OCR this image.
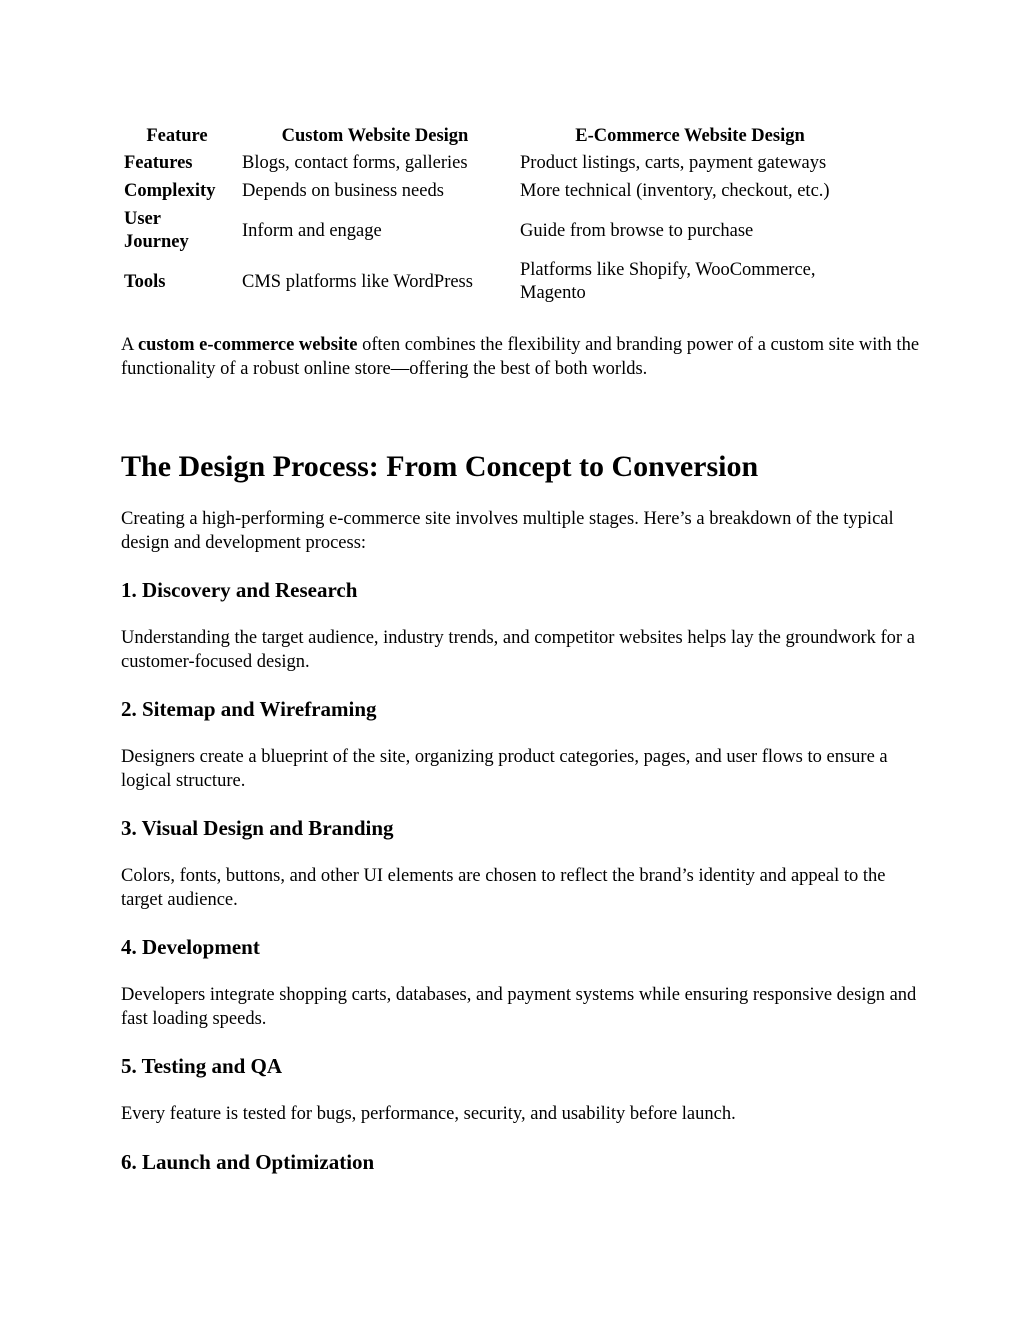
Feature	Custom Website Design	E-Commerce Website Design
Features	Blogs, contact forms, galleries	Product listings, carts, payment gateways
Complexity	Depends on business needs	More technical (inventory, checkout, etc.)
User Journey	Inform and engage	Guide from browse to purchase
Tools	CMS platforms like WordPress	Platforms like Shopify, WooCommerce, Magento

A custom e-commerce website often combines the flexibility and branding power of a custom site with the functionality of a robust online store—offering the best of both worlds.

The Design Process: From Concept to Conversion

Creating a high-performing e-commerce site involves multiple stages. Here’s a breakdown of the typical design and development process:

1. Discovery and Research

Understanding the target audience, industry trends, and competitor websites helps lay the groundwork for a customer-focused design.

2. Sitemap and Wireframing

Designers create a blueprint of the site, organizing product categories, pages, and user flows to ensure a logical structure.

3. Visual Design and Branding

Colors, fonts, buttons, and other UI elements are chosen to reflect the brand’s identity and appeal to the target audience.

4. Development

Developers integrate shopping carts, databases, and payment systems while ensuring responsive design and fast loading speeds.

5. Testing and QA

Every feature is tested for bugs, performance, security, and usability before launch.

6. Launch and Optimization
